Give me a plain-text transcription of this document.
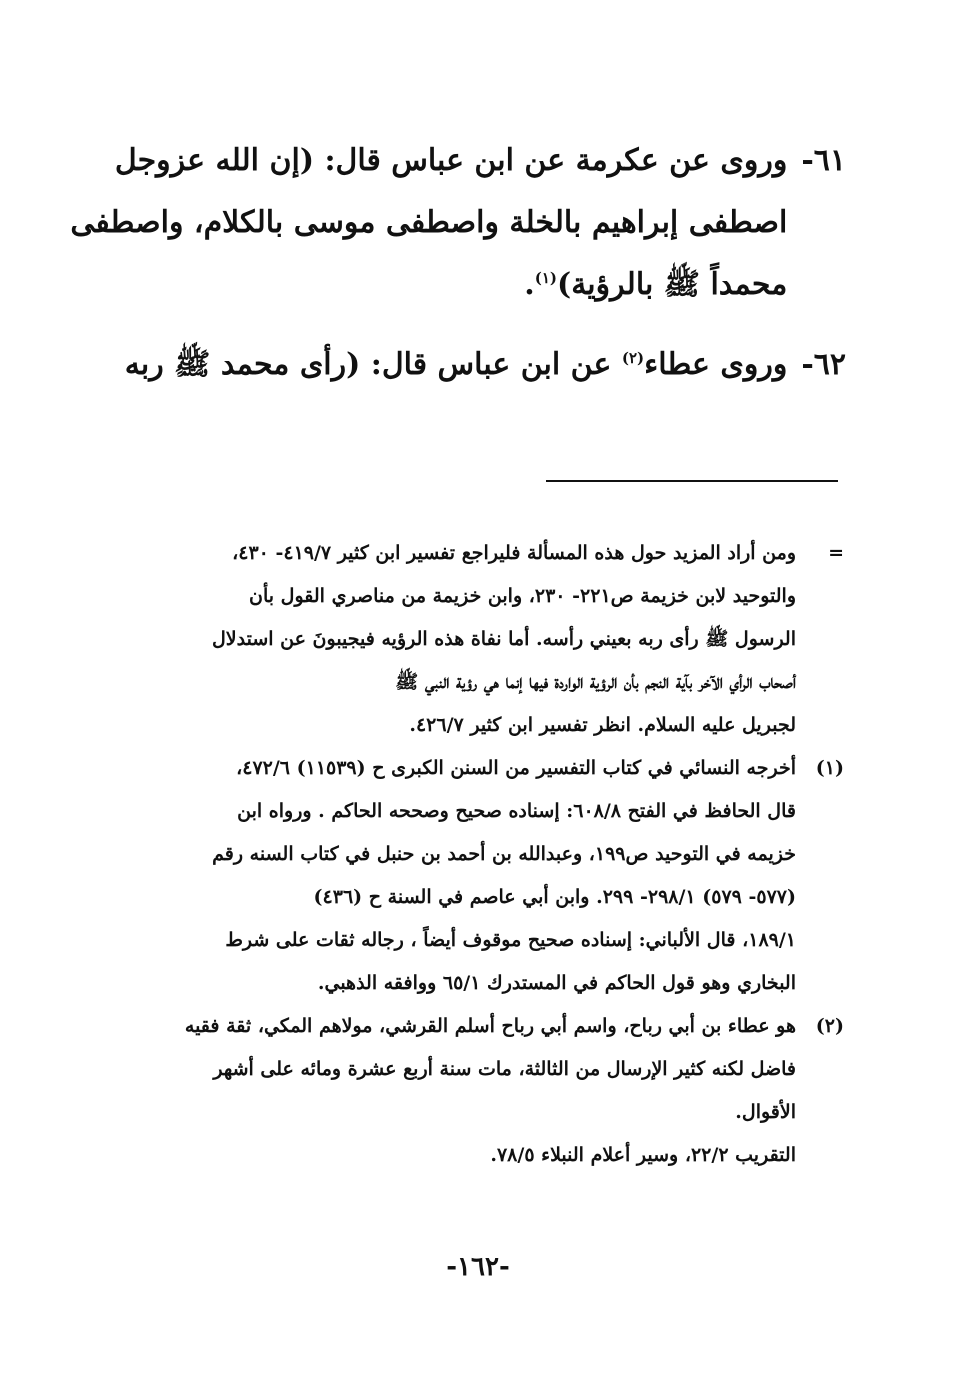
٦١-
وروى عن عكرمة عن ابن عباس قال: (إن الله عزوجل
اصطفى إبراهيم بالخلة واصطفى موسى بالكلام، واصطفى
محمداً ﷺ بالرؤية)$^{(١)}$.
٦٢-
وروى عطاء$^{(٢)}$ عن ابن عباس قال: (رأى محمد ﷺ ربه
=
ومن أراد المزيد حول هذه المسألة فليراجع تفسير ابن كثير ٤١٩/٧- ٤٣٠،
والتوحيد لابن خزيمة ص٢٢١- ٢٣٠، وابن خزيمة من مناصري القول بأن
الرسول ﷺ رأى ربه بعيني رأسه. أما نفاة هذه الرؤيه فيجيبونَ عن استدلال
أصحاب الرأي الآخر بآية النجم بأن الرؤية الواردة فيها إنما هي رؤية النبي ﷺ
لجبريل عليه السلام. انظر تفسير ابن كثير ٤٢٦/٧.
(١)
أخرجه النسائي في كتاب التفسير من السنن الكبرى ح (١١٥٣٩) ٤٧٢/٦،
قال الحافظ في الفتح ٦٠٨/٨: إسناده صحيح وصححه الحاكم . ورواه ابن
خزيمه في التوحيد ص١٩٩، وعبدالله بن أحمد بن حنبل في كتاب السنه رقم
(٥٧٧- ٥٧٩) ٢٩٨/١- ٢٩٩. وابن أبي عاصم في السنة ح (٤٣٦)
١٨٩/١، قال الألباني: إسناده صحيح موقوف أيضاً ، رجاله ثقات على شرط
البخاري وهو قول الحاكم في المستدرك ٦٥/١ ووافقه الذهبي.
(٢)
هو عطاء بن أبي رباح، واسم أبي رباح أسلم القرشي، مولاهم المكي، ثقة فقيه
فاضل لكنه كثير الإرسال من الثالثة، مات سنة أربع عشرة ومائه على أشهر
الأقوال.
التقريب ٢٢/٢، وسير أعلام النبلاء ٧٨/٥.
-١٦٢-
